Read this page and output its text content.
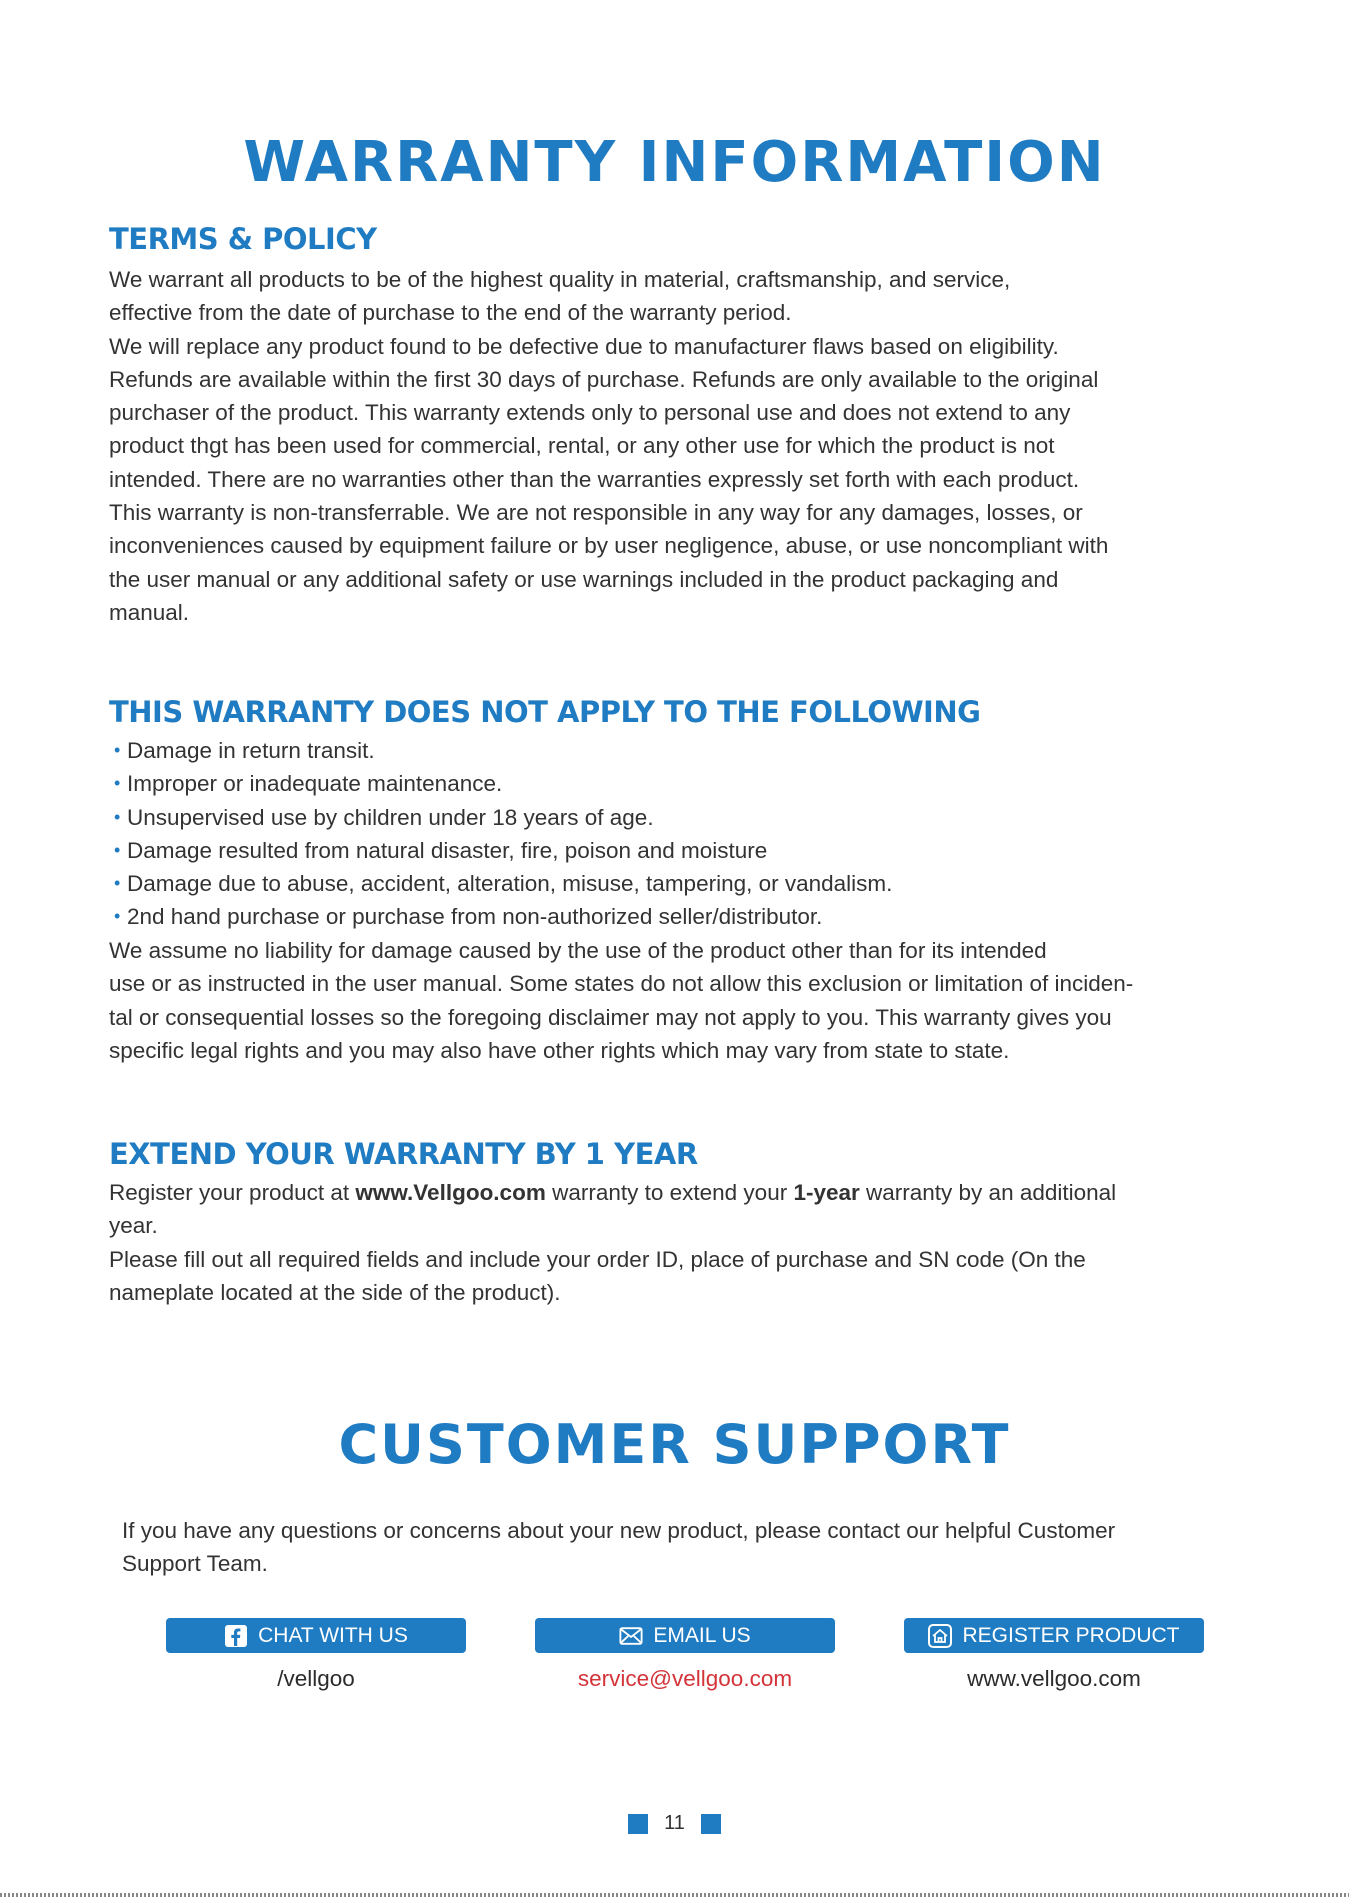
WARRANTY INFORMATION
TERMS & POLICY

We warrant all products to be of the highest quality in material, craftsmanship, and service,

effective from the date of purchase to the end of the warranty period.

We will replace any product found to be defective due to manufacturer flaws based on eligibility.

Refunds are available within the first 30 days of purchase. Refunds are only available to the original

purchaser of the product. This warranty extends only to personal use and does not extend to any

product thgt has been used for commercial, rental, or any other use for which the product is not

intended. There are no warranties other than the warranties expressly set forth with each product.

This warranty is non-transferrable. We are not responsible in any way for any damages, losses, or

inconveniences caused by equipment failure or by user negligence, abuse, or use noncompliant with

the user manual or any additional safety or use warnings included in the product packaging and

manual.

THIS WARRANTY DOES NOT APPLY TO THE FOLLOWING
• Damage in return transit.
• Improper or inadequate maintenance.
• Unsupervised use by children under 18 years of age.
• Damage resulted from natural disaster, fire, poison and moisture
• Damage due to abuse, accident, alteration, misuse, tampering, or vandalism.
• 2nd hand purchase or purchase from non-authorized seller/distributor.

We assume no liability for damage caused by the use of the product other than for its intended

use or as instructed in the user manual. Some states do not allow this exclusion or limitation of inciden-

tal or consequential losses so the foregoing disclaimer may not apply to you. This warranty gives you

specific legal rights and you may also have other rights which may vary from state to state.

EXTEND YOUR WARRANTY BY 1 YEAR

Register your product at www.Vellgoo.com warranty to extend your 1-year warranty by an additional

year.

Please fill out all required fields and include your order ID, place of purchase and SN code (On the

nameplate located at the side of the product).

CUSTOMER SUPPORT
If you have any questions or concerns about your new product, please contact our helpful Customer
Support Team.
CHAT WITH US	EMAIL US	REGISTER PRODUCT
/vellgoo	service@vellgoo.com	www.vellgoo.com
11
